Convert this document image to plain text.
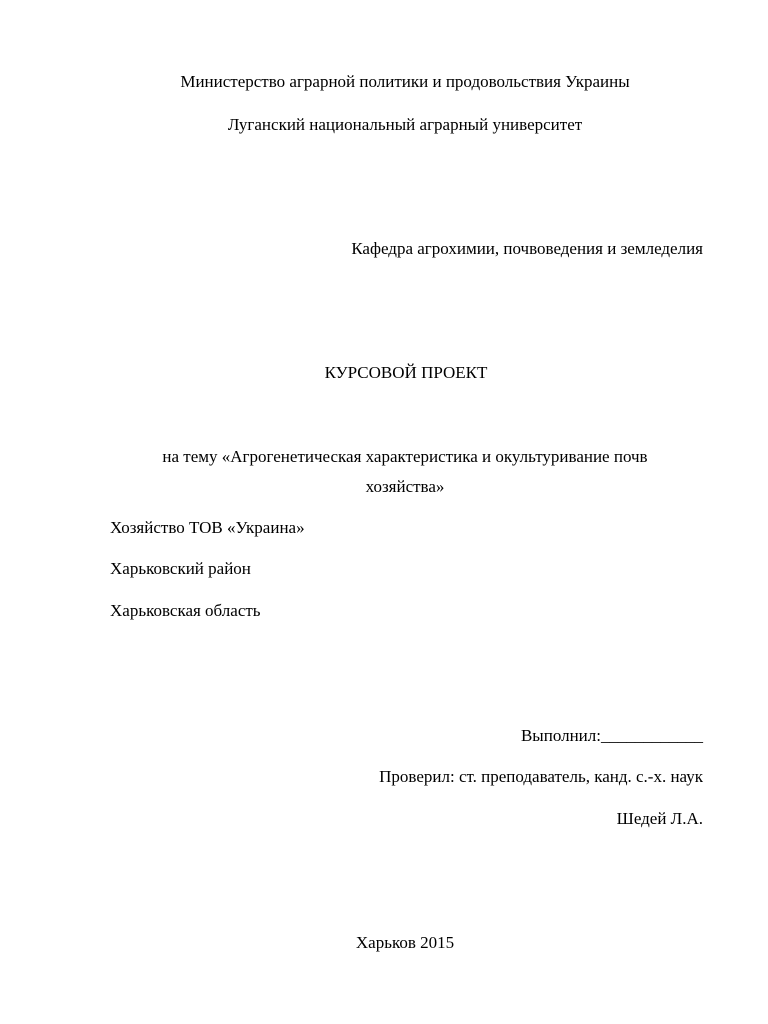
Министерство аграрной политики и продовольствия Украины
Луганский национальный аграрный университет
Кафедра агрохимии, почвоведения и земледелия
КУРСОВОЙ ПРОЕКТ
на тему «Агрогенетическая характеристика и окультуривание почв
хозяйства»
Хозяйство ТОВ «Украина»
Харьковский район
Харьковская область
Выполнил:____________
Проверил: ст. преподаватель, канд. с.-х. наук
Шедей Л.А.
Харьков 2015
